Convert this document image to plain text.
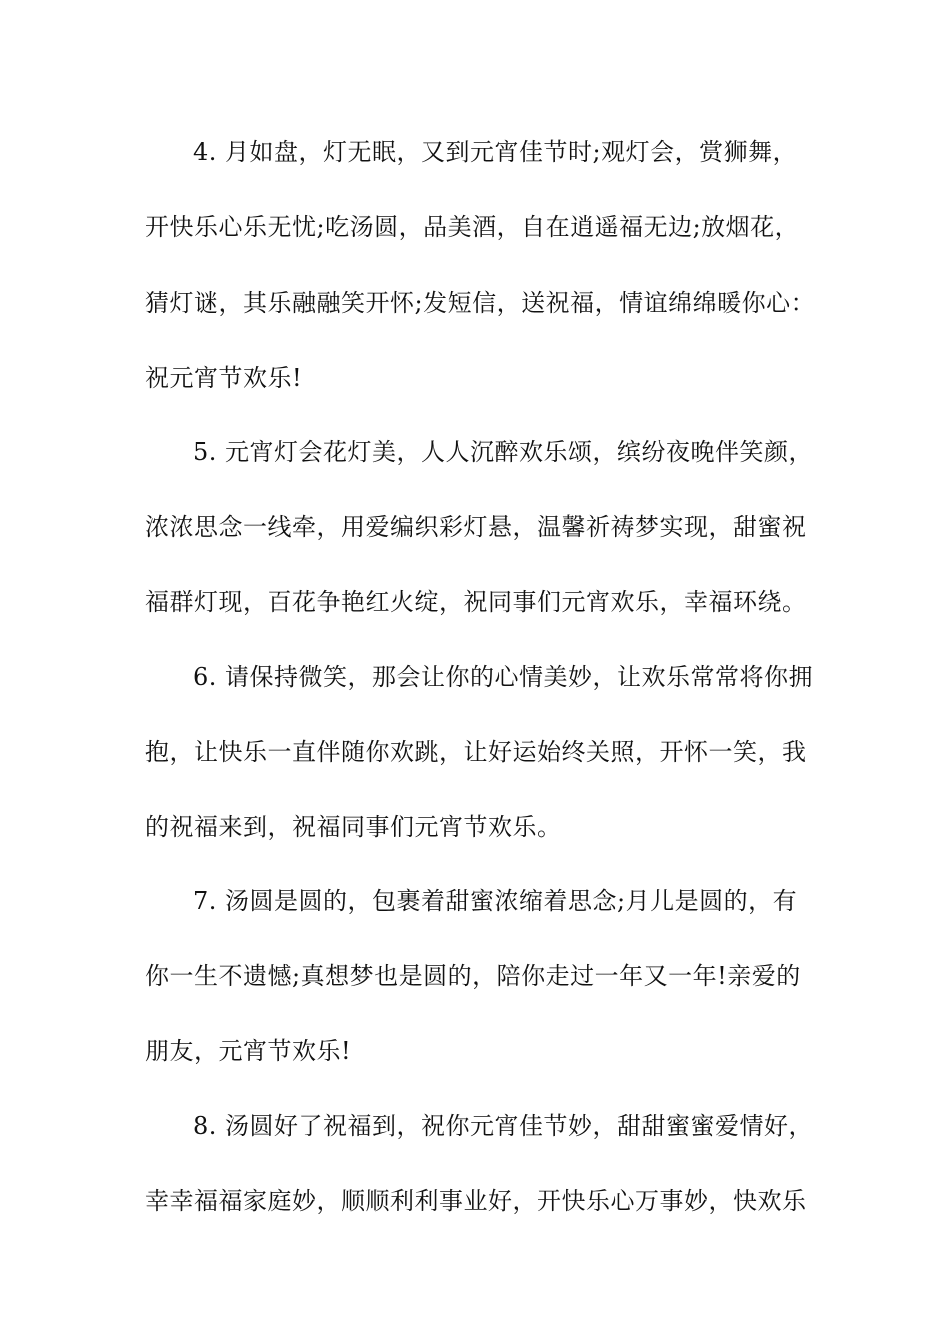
4. 月如盘，灯无眠，又到元宵佳节时;观灯会，赏狮舞，
开快乐心乐无忧;吃汤圆，品美酒，自在逍遥福无边;放烟花，
猜灯谜，其乐融融笑开怀;发短信，送祝福，情谊绵绵暖你心：
祝元宵节欢乐!
5. 元宵灯会花灯美，人人沉醉欢乐颂，缤纷夜晚伴笑颜，
浓浓思念一线牵，用爱编织彩灯悬，温馨祈祷梦实现，甜蜜祝
福群灯现，百花争艳红火绽，祝同事们元宵欢乐，幸福环绕。
6. 请保持微笑，那会让你的心情美妙，让欢乐常常将你拥
抱，让快乐一直伴随你欢跳，让好运始终关照，开怀一笑，我
的祝福来到，祝福同事们元宵节欢乐。
7. 汤圆是圆的，包裹着甜蜜浓缩着思念;月儿是圆的，有
你一生不遗憾;真想梦也是圆的，陪你走过一年又一年!亲爱的
朋友，元宵节欢乐!
8. 汤圆好了祝福到，祝你元宵佳节妙，甜甜蜜蜜爱情好，
幸幸福福家庭妙，顺顺利利事业好，开快乐心万事妙，快欢乐
